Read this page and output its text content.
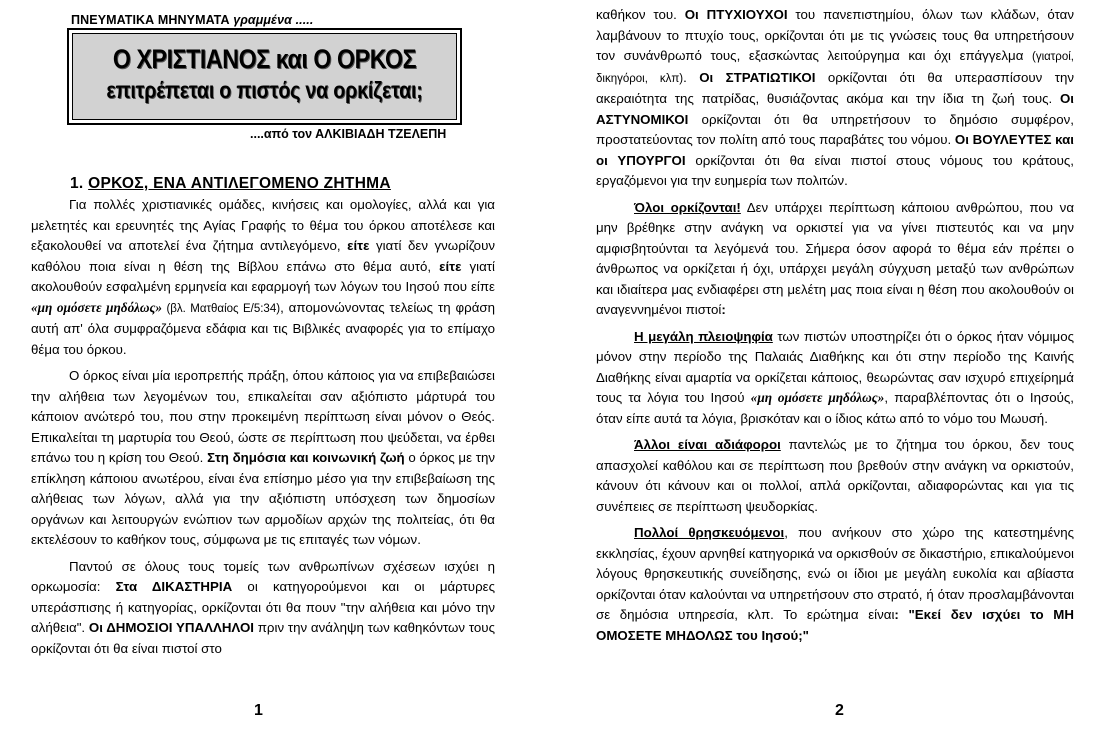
ΠΝΕΥΜΑΤΙΚΑ ΜΗΝΥΜΑΤΑ γραμμένα .....
Ο ΧΡΙΣΤΙΑΝΟΣ και Ο ΟΡΚΟΣ
επιτρέπεται ο πιστός να ορκίζεται;
....από τον ΑΛΚΙΒΙΑΔΗ ΤΖΕΛΕΠΗ
1. ΟΡΚΟΣ, ΕΝΑ ΑΝΤΙΛΕΓΟΜΕΝΟ ΖΗΤΗΜΑ

Για πολλές χριστιανικές ομάδες, κινήσεις και ομολογίες, αλλά και για μελετητές και ερευνητές της Αγίας Γραφής το θέμα του όρκου αποτέλεσε και εξακολουθεί να αποτελεί ένα ζήτημα αντιλεγόμενο, είτε γιατί δεν γνωρίζουν καθόλου ποια είναι η θέση της Βίβλου επάνω στο θέμα αυτό, είτε γιατί ακολουθούν εσφαλμένη ερμηνεία και εφαρμογή των λόγων του Ιησού που είπε «μη ομόσετε μηδόλως» (βλ. Ματθαίος Ε/5:34), απομονώνοντας τελείως τη φράση αυτή απ' όλα συμφραζόμενα εδάφια και τις Βιβλικές αναφορές για το επίμαχο θέμα του όρκου.

Ο όρκος είναι μία ιεροπρεπής πράξη, όπου κάποιος για να επιβεβαιώσει την αλήθεια των λεγομένων του, επικαλείται σαν αξιόπιστο μάρτυρά του κάποιον ανώτερό του, που στην προκειμένη περίπτωση είναι μόνον ο Θεός. Επικαλείται τη μαρτυρία του Θεού, ώστε σε περίπτωση που ψεύδεται, να έρθει επάνω του η κρίση του Θεού. Στη δημόσια και κοινωνική ζωή ο όρκος με την επίκληση κάποιου ανωτέρου, είναι ένα επίσημο μέσο για την επιβεβαίωση της αλήθειας των λόγων, αλλά για την αξιόπιστη υπόσχεση των δημοσίων οργάνων και λειτουργών ενώπιον των αρμοδίων αρχών της πολιτείας, ότι θα εκτελέσουν το καθήκον τους, σύμφωνα με τις επιταγές των νόμων.

Παντού σε όλους τους τομείς των ανθρωπίνων σχέσεων ισχύει η ορκωμοσία: Στα ΔΙΚΑΣΤΗΡΙΑ οι κατηγορούμενοι και οι μάρτυρες υπεράσπισης ή κατηγορίας, ορκίζονται ότι θα πουν "την αλήθεια και μόνο την αλήθεια". Οι ΔΗΜΟΣΙΟΙ ΥΠΑΛΛΗΛΟΙ πριν την ανάληψη των καθηκόντων τους ορκίζονται ότι θα είναι πιστοί στο

1

καθήκον του. Οι ΠΤΥΧΙΟΥΧΟΙ του πανεπιστημίου, όλων των κλάδων, όταν λαμβάνουν το πτυχίο τους, ορκίζονται ότι με τις γνώσεις τους θα υπηρετήσουν τον συνάνθρωπό τους, εξασκώντας λειτούργημα και όχι επάγγελμα (γιατροί, δικηγόροι, κλπ). Οι ΣΤΡΑΤΙΩΤΙΚΟΙ ορκίζονται ότι θα υπερασπίσουν την ακεραιότητα της πατρίδας, θυσιάζοντας ακόμα και την ίδια τη ζωή τους. Οι ΑΣΤΥΝΟΜΙΚΟΙ ορκίζονται ότι θα υπηρετήσουν το δημόσιο συμφέρον, προστατεύοντας τον πολίτη από τους παραβάτες του νόμου. Οι ΒΟΥΛΕΥΤΕΣ και οι ΥΠΟΥΡΓΟΙ ορκίζονται ότι θα είναι πιστοί στους νόμους του κράτους, εργαζόμενοι για την ευημερία των πολιτών.

Όλοι ορκίζονται! Δεν υπάρχει περίπτωση κάποιου ανθρώπου, που να μην βρέθηκε στην ανάγκη να ορκιστεί για να γίνει πιστευτός και να μην αμφισβητούνται τα λεγόμενά του. Σήμερα όσον αφορά το θέμα εάν πρέπει ο άνθρωπος να ορκίζεται ή όχι, υπάρχει μεγάλη σύγχυση μεταξύ των ανθρώπων και ιδιαίτερα μας ενδιαφέρει στη μελέτη μας ποια είναι η θέση που ακολουθούν οι αναγεννημένοι πιστοί:

Η μεγάλη πλειοψηφία των πιστών υποστηρίζει ότι ο όρκος ήταν νόμιμος μόνον στην περίοδο της Παλαιάς Διαθήκης και ότι στην περίοδο της Καινής Διαθήκης είναι αμαρτία να ορκίζεται κάποιος, θεωρώντας σαν ισχυρό επιχείρημά τους τα λόγια του Ιησού «μη ομόσετε μηδόλως», παραβλέποντας ότι ο Ιησούς, όταν είπε αυτά τα λόγια, βρισκόταν και ο ίδιος κάτω από το νόμο του Μωυσή.

Άλλοι είναι αδιάφοροι παντελώς με το ζήτημα του όρκου, δεν τους απασχολεί καθόλου και σε περίπτωση που βρεθούν στην ανάγκη να ορκιστούν, κάνουν ότι κάνουν και οι πολλοί, απλά ορκίζονται, αδιαφορώντας και για τις συνέπειες σε περίπτωση ψευδορκίας.

Πολλοί θρησκευόμενοι, που ανήκουν στο χώρο της κατεστημένης εκκλησίας, έχουν αρνηθεί κατηγορικά να ορκισθούν σε δικαστήριο, επικαλούμενοι λόγους θρησκευτικής συνείδησης, ενώ οι ίδιοι με μεγάλη ευκολία και αβίαστα ορκίζονται όταν καλούνται να υπηρετήσουν στο στρατό, ή όταν προσλαμβάνονται σε δημόσια υπηρεσία, κλπ. Το ερώτημα είναι: "Εκεί δεν ισχύει το ΜΗ ΟΜΟΣΕΤΕ ΜΗΔΟΛΩΣ του Ιησού;"

2
